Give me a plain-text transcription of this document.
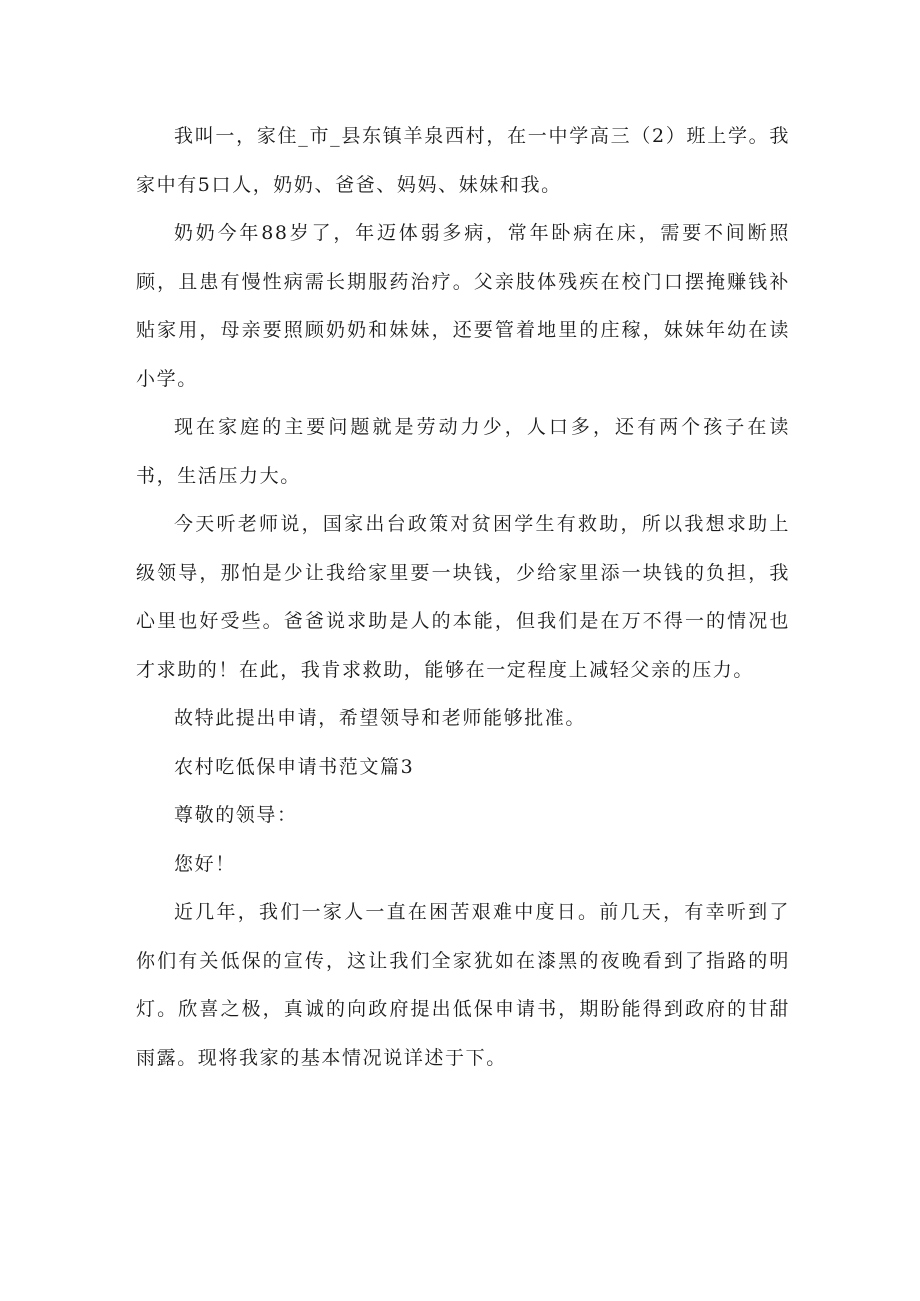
我叫一，家住_市_县东镇羊泉西村，在一中学高三（2）班上学。我家中有5口人，奶奶、爸爸、妈妈、妹妹和我。

奶奶今年88岁了，年迈体弱多病，常年卧病在床，需要不间断照顾，且患有慢性病需长期服药治疗。父亲肢体残疾在校门口摆掩赚钱补贴家用，母亲要照顾奶奶和妹妹，还要管着地里的庄稼，妹妹年幼在读小学。

现在家庭的主要问题就是劳动力少，人口多，还有两个孩子在读书，生活压力大。

今天听老师说，国家出台政策对贫困学生有救助，所以我想求助上级领导，那怕是少让我给家里要一块钱，少给家里添一块钱的负担，我心里也好受些。爸爸说求助是人的本能，但我们是在万不得一的情况也才求助的！在此，我肯求救助，能够在一定程度上减轻父亲的压力。

故特此提出申请，希望领导和老师能够批准。

农村吃低保申请书范文篇3

尊敬的领导：

您好！

近几年，我们一家人一直在困苦艰难中度日。前几天，有幸听到了你们有关低保的宣传，这让我们全家犹如在漆黑的夜晚看到了指路的明灯。欣喜之极，真诚的向政府提出低保申请书，期盼能得到政府的甘甜雨露。现将我家的基本情况说详述于下。
